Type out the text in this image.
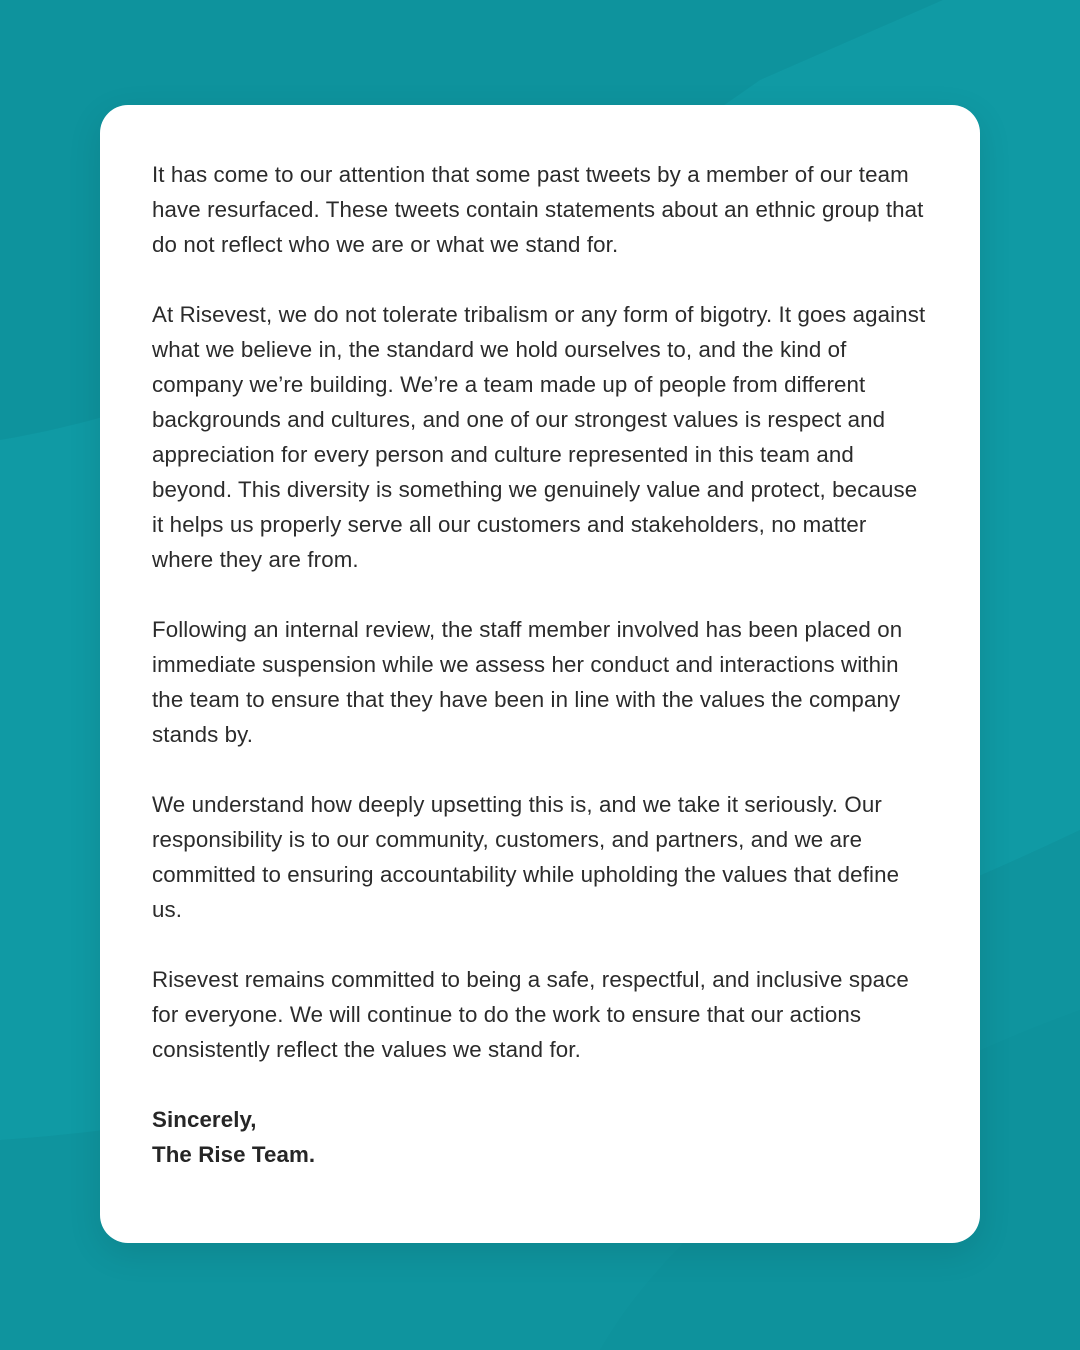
It has come to our attention that some past tweets by a member of our team have resurfaced. These tweets contain statements about an ethnic group that do not reflect who we are or what we stand for.

At Risevest, we do not tolerate tribalism or any form of bigotry. It goes against what we believe in, the standard we hold ourselves to, and the kind of company we’re building. We’re a team made up of people from different backgrounds and cultures, and one of our strongest values is respect and appreciation for every person and culture represented in this team and beyond. This diversity is something we genuinely value and protect, because it helps us properly serve all our customers and stakeholders, no matter where they are from.

Following an internal review, the staff member involved has been placed on immediate suspension while we assess her conduct and interactions within the team to ensure that they have been in line with the values the company stands by.

We understand how deeply upsetting this is, and we take it seriously. Our responsibility is to our community, customers, and partners, and we are committed to ensuring accountability while upholding the values that define us.

Risevest remains committed to being a safe, respectful, and inclusive space for everyone. We will continue to do the work to ensure that our actions consistently reflect the values we stand for.

Sincerely,
The Rise Team.
